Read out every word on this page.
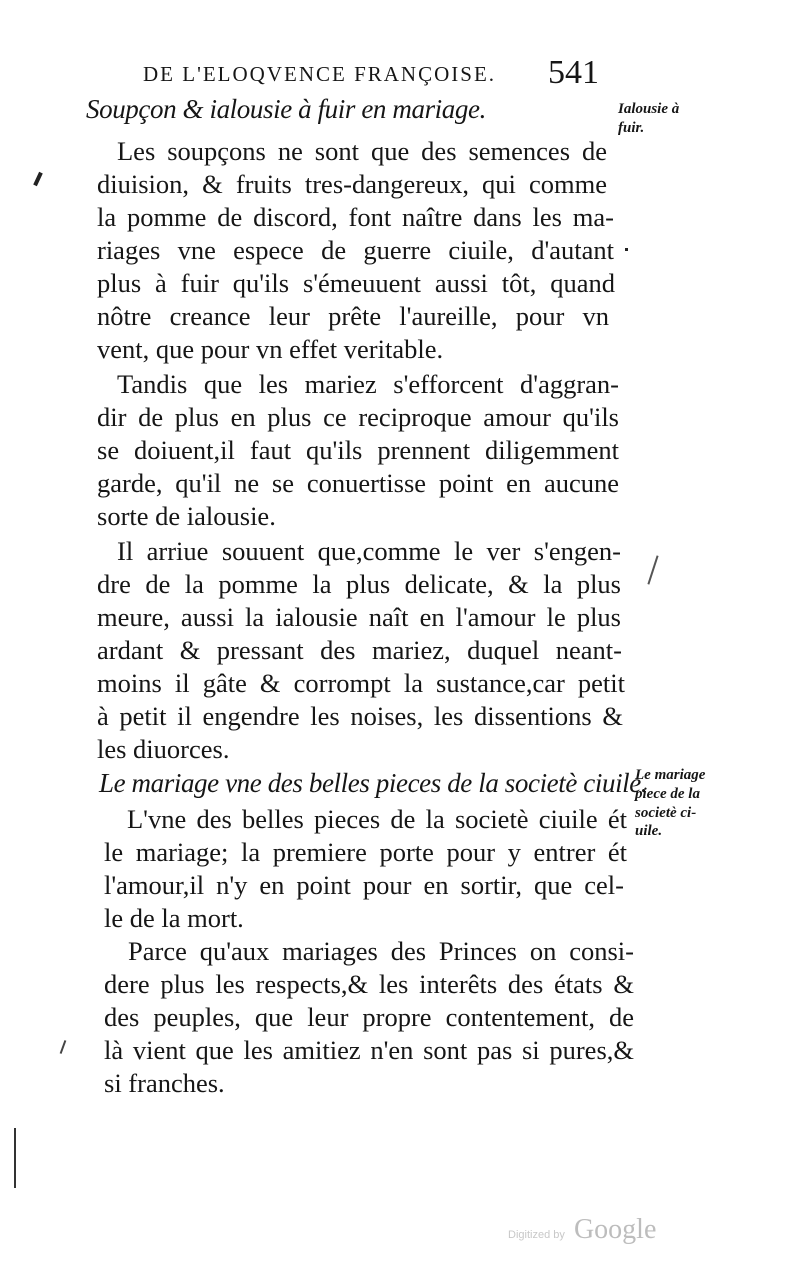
DE L'ELOQVENCE FRANÇOISE.	541
Soupçon & ialousie à fuir en mariage.	Ialousie à
fuir.
Les soupçons ne sont que des semences de
diuision, & fruits tres-dangereux, qui comme
la pomme de discord, font naître dans les ma-
riages vne espece de guerre ciuile, d'autant
plus à fuir qu'ils s'émeuuent aussi tôt, quand
nôtre creance leur prête l'aureille, pour vn
vent, que pour vn effet veritable.
Tandis que les mariez s'efforcent d'aggran-
dir de plus en plus ce reciproque amour qu'ils
se doiuent,il faut qu'ils prennent diligemment
garde, qu'il ne se conuertisse point en aucune
sorte de ialousie.
Il arriue souuent que,comme le ver s'engen-
dre de la pomme la plus delicate, & la plus
meure, aussi la ialousie naît en l'amour le plus
ardant & pressant des mariez, duquel neant-
moins il gâte & corrompt la sustance,car petit
à petit il engendre les noises, les dissentions &
les diuorces.
Le mariage vne des belles pieces de la societè ciuile.
Le mariage
piece de la
societè ci-
uile.
L'vne des belles pieces de la societè ciuile ét
le mariage; la premiere porte pour y entrer ét
l'amour,il n'y en point pour en sortir, que cel-
le de la mort.
Parce qu'aux mariages des Princes on consi-
dere plus les respects,& les interêts des états &
des peuples, que leur propre contentement, de
là vient que les amitiez n'en sont pas si pures,&
si franches.
Digitized by Google
